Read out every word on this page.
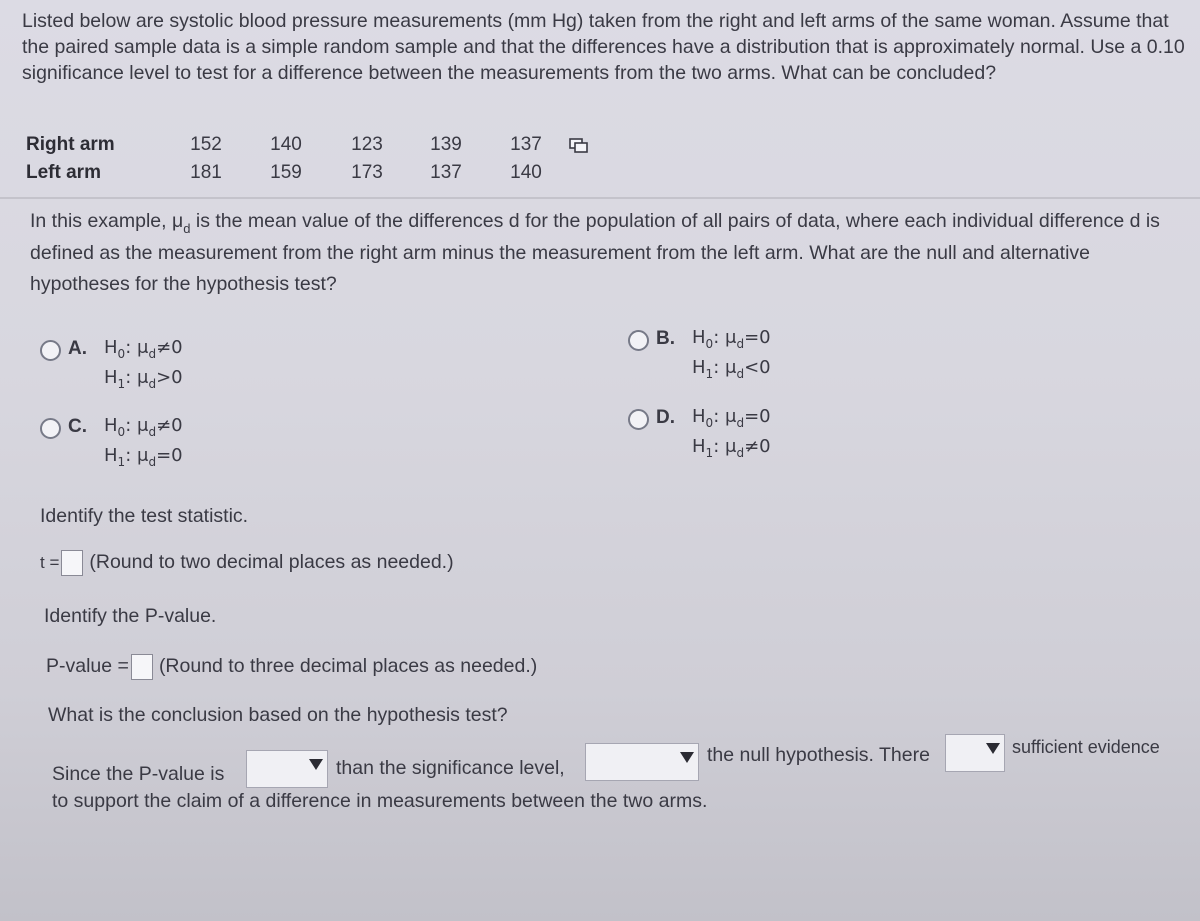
Listed below are systolic blood pressure measurements (mm Hg) taken from the right and left arms of the same woman. Assume that the paired sample data is a simple random sample and that the differences have a distribution that is approximately normal. Use a 0.10 significance level to test for a difference between the measurements from the two arms. What can be concluded?
Right arm	152	140	123	139	137
Left arm	181	159	173	137	140
In this example, $\mu_d$ is the mean value of the differences d for the population of all pairs of data, where each individual difference d is defined as the measurement from the right arm minus the measurement from the left arm. What are the null and alternative hypotheses for the hypothesis test?
A. $H_0$: $\mu_d\ne 0$
$H_1$: $\mu_d>0$
B. $H_0$: $\mu_d=0$
$H_1$: $\mu_d<0$
C. $H_0$: $\mu_d\ne 0$
$H_1$: $\mu_d=0$
D. $H_0$: $\mu_d=0$
$H_1$: $\mu_d\ne 0$
Identify the test statistic.
t = (Round to two decimal places as needed.)
Identify the P-value.
P-value = (Round to three decimal places as needed.)
What is the conclusion based on the hypothesis test?
Since the P-value is	than the significance level,
the null hypothesis. There	sufficient evidence
to support the claim of a difference in measurements between the two arms.
